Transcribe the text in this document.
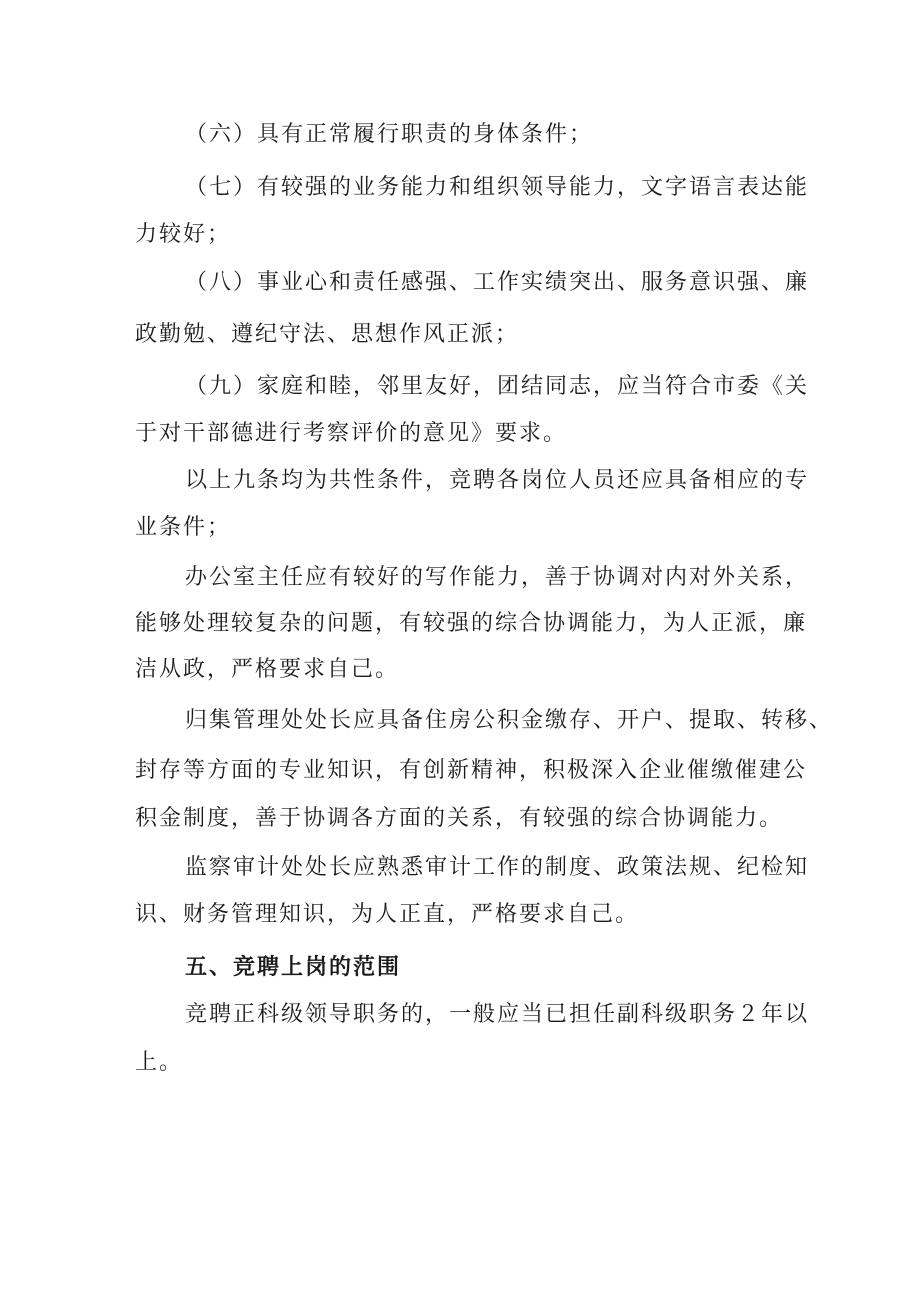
（六）具有正常履行职责的身体条件；
（七）有较强的业务能力和组织领导能力，文字语言表达能
力较好；
（八）事业心和责任感强、工作实绩突出、服务意识强、廉
政勤勉、遵纪守法、思想作风正派；
（九）家庭和睦，邻里友好，团结同志，应当符合市委《关
于对干部德进行考察评价的意见》要求。
以上九条均为共性条件，竞聘各岗位人员还应具备相应的专
业条件；
办公室主任应有较好的写作能力，善于协调对内对外关系，
能够处理较复杂的问题，有较强的综合协调能力，为人正派，廉
洁从政，严格要求自己。
归集管理处处长应具备住房公积金缴存、开户、提取、转移、
封存等方面的专业知识，有创新精神，积极深入企业催缴催建公
积金制度，善于协调各方面的关系，有较强的综合协调能力。
监察审计处处长应熟悉审计工作的制度、政策法规、纪检知
识、财务管理知识，为人正直，严格要求自己。
五、竞聘上岗的范围
竞聘正科级领导职务的，一般应当已担任副科级职务２年以
上。
